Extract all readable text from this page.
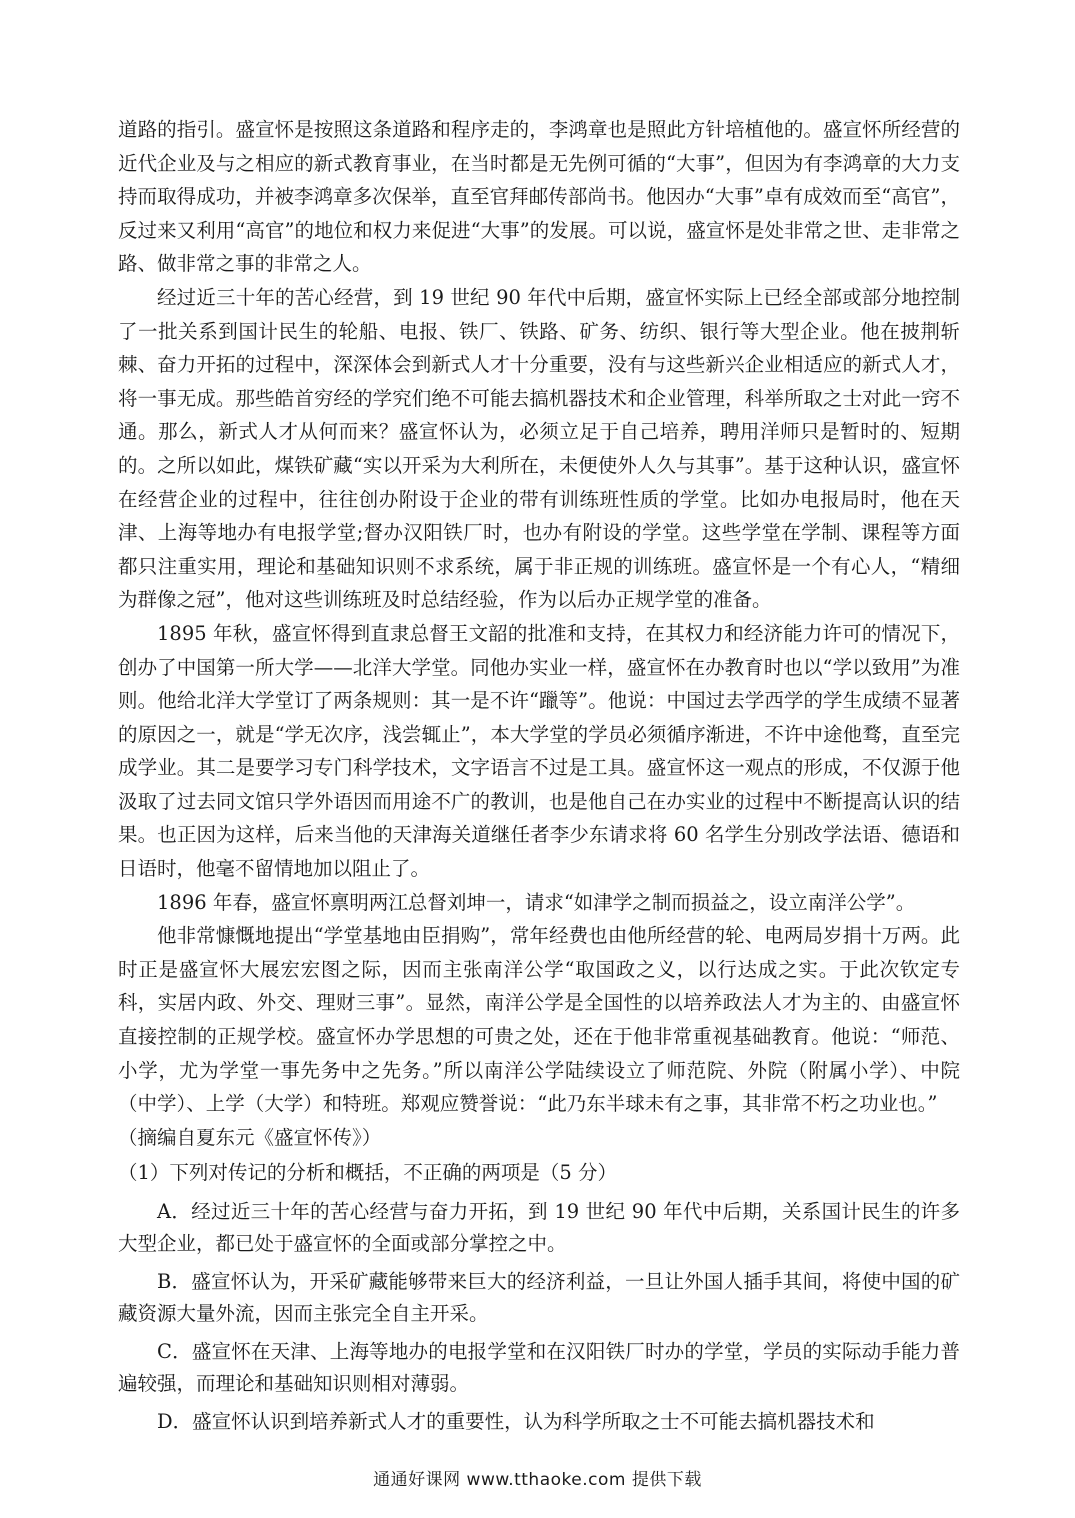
道路的指引。盛宣怀是按照这条道路和程序走的，李鸿章也是照此方针培植他的。盛宣怀所经营的近代企业及与之相应的新式教育事业，在当时都是无先例可循的“大事”，但因为有李鸿章的大力支持而取得成功，并被李鸿章多次保举，直至官拜邮传部尚书。他因办“大事”卓有成效而至“高官”，反过来又利用“高官”的地位和权力来促进“大事”的发展。可以说，盛宣怀是处非常之世、走非常之路、做非常之事的非常之人。

经过近三十年的苦心经营，到 19 世纪 90 年代中后期，盛宣怀实际上已经全部或部分地控制了一批关系到国计民生的轮船、电报、铁厂、铁路、矿务、纺织、银行等大型企业。他在披荆斩棘、奋力开拓的过程中，深深体会到新式人才十分重要，没有与这些新兴企业相适应的新式人才，将一事无成。那些皓首穷经的学究们绝不可能去搞机器技术和企业管理，科举所取之士对此一窍不通。那么，新式人才从何而来？盛宣怀认为，必须立足于自己培养，聘用洋师只是暂时的、短期的。之所以如此，煤铁矿藏“实以开采为大利所在，未便使外人久与其事”。基于这种认识，盛宣怀在经营企业的过程中，往往创办附设于企业的带有训练班性质的学堂。比如办电报局时，他在天津、上海等地办有电报学堂;督办汉阳铁厂时，也办有附设的学堂。这些学堂在学制、课程等方面都只注重实用，理论和基础知识则不求系统，属于非正规的训练班。盛宣怀是一个有心人，“精细为群像之冠”，他对这些训练班及时总结经验，作为以后办正规学堂的准备。

1895 年秋，盛宣怀得到直隶总督王文韶的批准和支持，在其权力和经济能力许可的情况下，创办了中国第一所大学——北洋大学堂。同他办实业一样，盛宣怀在办教育时也以“学以致用”为准则。他给北洋大学堂订了两条规则：其一是不许“躐等”。他说：中国过去学西学的学生成绩不显著的原因之一，就是“学无次序，浅尝辄止”，本大学堂的学员必须循序渐进，不许中途他骛，直至完成学业。其二是要学习专门科学技术，文字语言不过是工具。盛宣怀这一观点的形成，不仅源于他汲取了过去同文馆只学外语因而用途不广的教训，也是他自己在办实业的过程中不断提高认识的结果。也正因为这样，后来当他的天津海关道继任者李少东请求将 60 名学生分别改学法语、德语和日语时，他毫不留情地加以阻止了。

1896 年春，盛宣怀禀明两江总督刘坤一，请求“如津学之制而损益之，设立南洋公学”。

他非常慷慨地提出“学堂基地由臣捐购”，常年经费也由他所经营的轮、电两局岁捐十万两。此时正是盛宣怀大展宏宏图之际，因而主张南洋公学“取国政之义，以行达成之实。于此次钦定专科，实居内政、外交、理财三事”。显然，南洋公学是全国性的以培养政法人才为主的、由盛宣怀直接控制的正规学校。盛宣怀办学思想的可贵之处，还在于他非常重视基础教育。他说：“师范、小学，尤为学堂一事先务中之先务。”所以南洋公学陆续设立了师范院、外院（附属小学）、中院（中学）、上学（大学）和特班。郑观应赞誉说：“此乃东半球未有之事，其非常不朽之功业也。”

（摘编自夏东元《盛宣怀传》）

（1）下列对传记的分析和概括，不正确的两项是（5 分）

A．经过近三十年的苦心经营与奋力开拓，到 19 世纪 90 年代中后期，关系国计民生的许多大型企业，都已处于盛宣怀的全面或部分掌控之中。

B．盛宣怀认为，开采矿藏能够带来巨大的经济利益，一旦让外国人插手其间，将使中国的矿藏资源大量外流，因而主张完全自主开采。

C．盛宣怀在天津、上海等地办的电报学堂和在汉阳铁厂时办的学堂，学员的实际动手能力普遍较强，而理论和基础知识则相对薄弱。

D．盛宣怀认识到培养新式人才的重要性，认为科学所取之士不可能去搞机器技术和

通通好课网 www.tthaoke.com 提供下载
